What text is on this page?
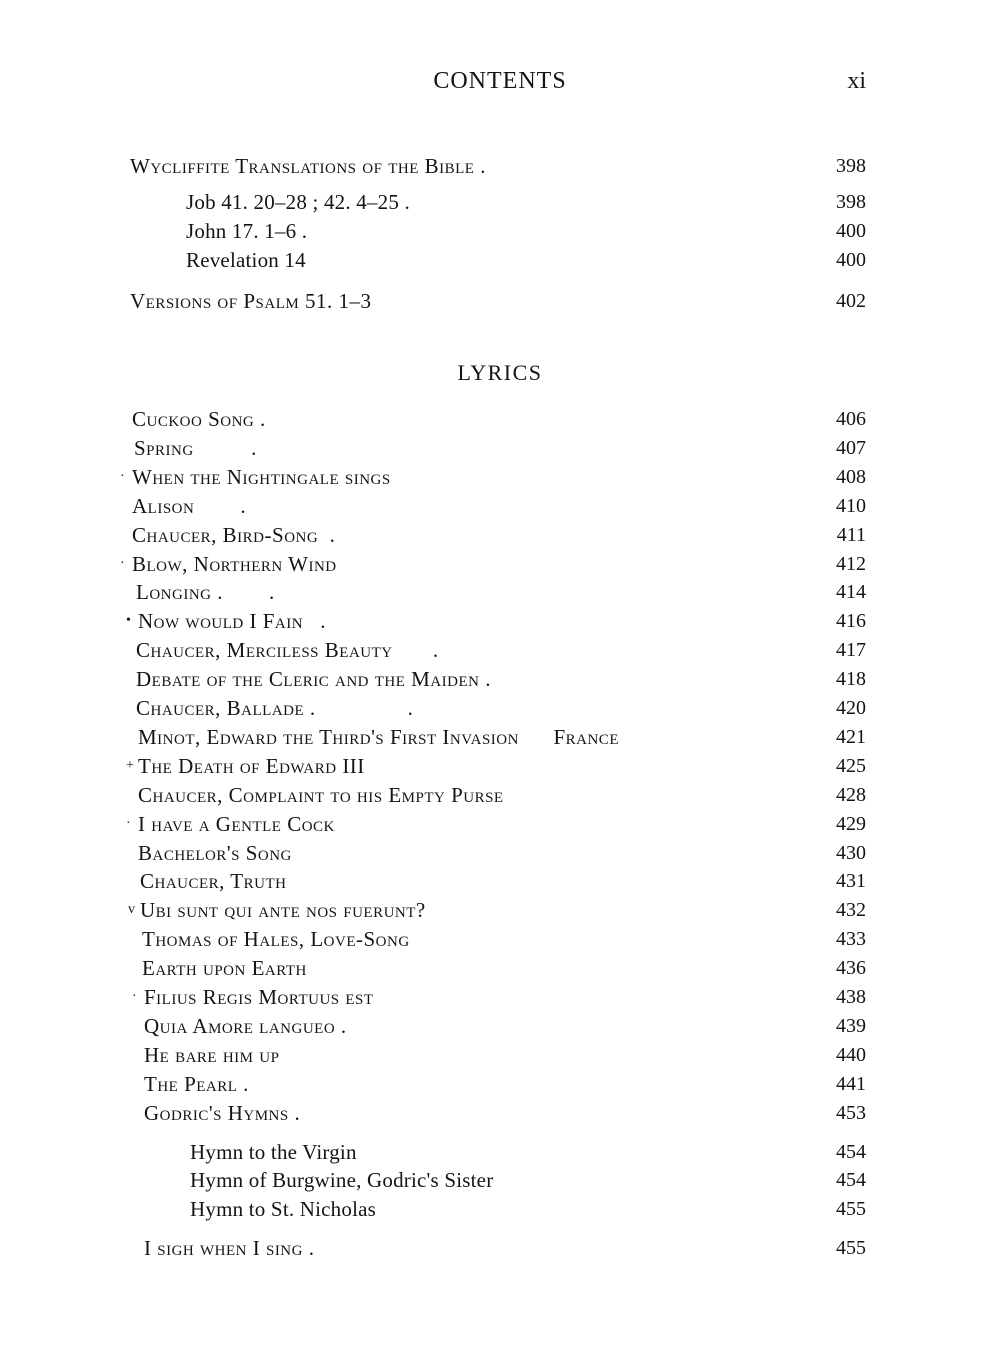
CONTENTS	xi
Wycliffite Translations of the Bible .	398
Job 41. 20–28 ; 42. 4–25 .	398
John 17. 1–6 .	400
Revelation 14	400
Versions of Psalm 51. 1–3	402
LYRICS
Cuckoo Song .	406
Spring          .	407
· When the Nightingale sings	408
Alison        .	410
Chaucer, Bird-Song  .	411
· Blow, Northern Wind	412
Longing .        .	414
• Now would I Fain   .	416
Chaucer, Merciless Beauty       .	417
Debate of the Cleric and the Maiden .	418
Chaucer, Ballade .                .	420
Minot, Edward the Third's First Invasion      France	421
+ The Death of Edward III	425
Chaucer, Complaint to his Empty Purse	428
· I have a Gentle Cock	429
Bachelor's Song	430
Chaucer, Truth	431
v Ubi sunt qui ante nos fuerunt?	432
Thomas of Hales, Love-Song	433
Earth upon Earth	436
· Filius Regis Mortuus est	438
Quia Amore langueo .	439
He bare him up	440
The Pearl .	441
Godric's Hymns .	453
Hymn to the Virgin	454
Hymn of Burgwine, Godric's Sister	454
Hymn to St. Nicholas	455
I sigh when I sing .	455
